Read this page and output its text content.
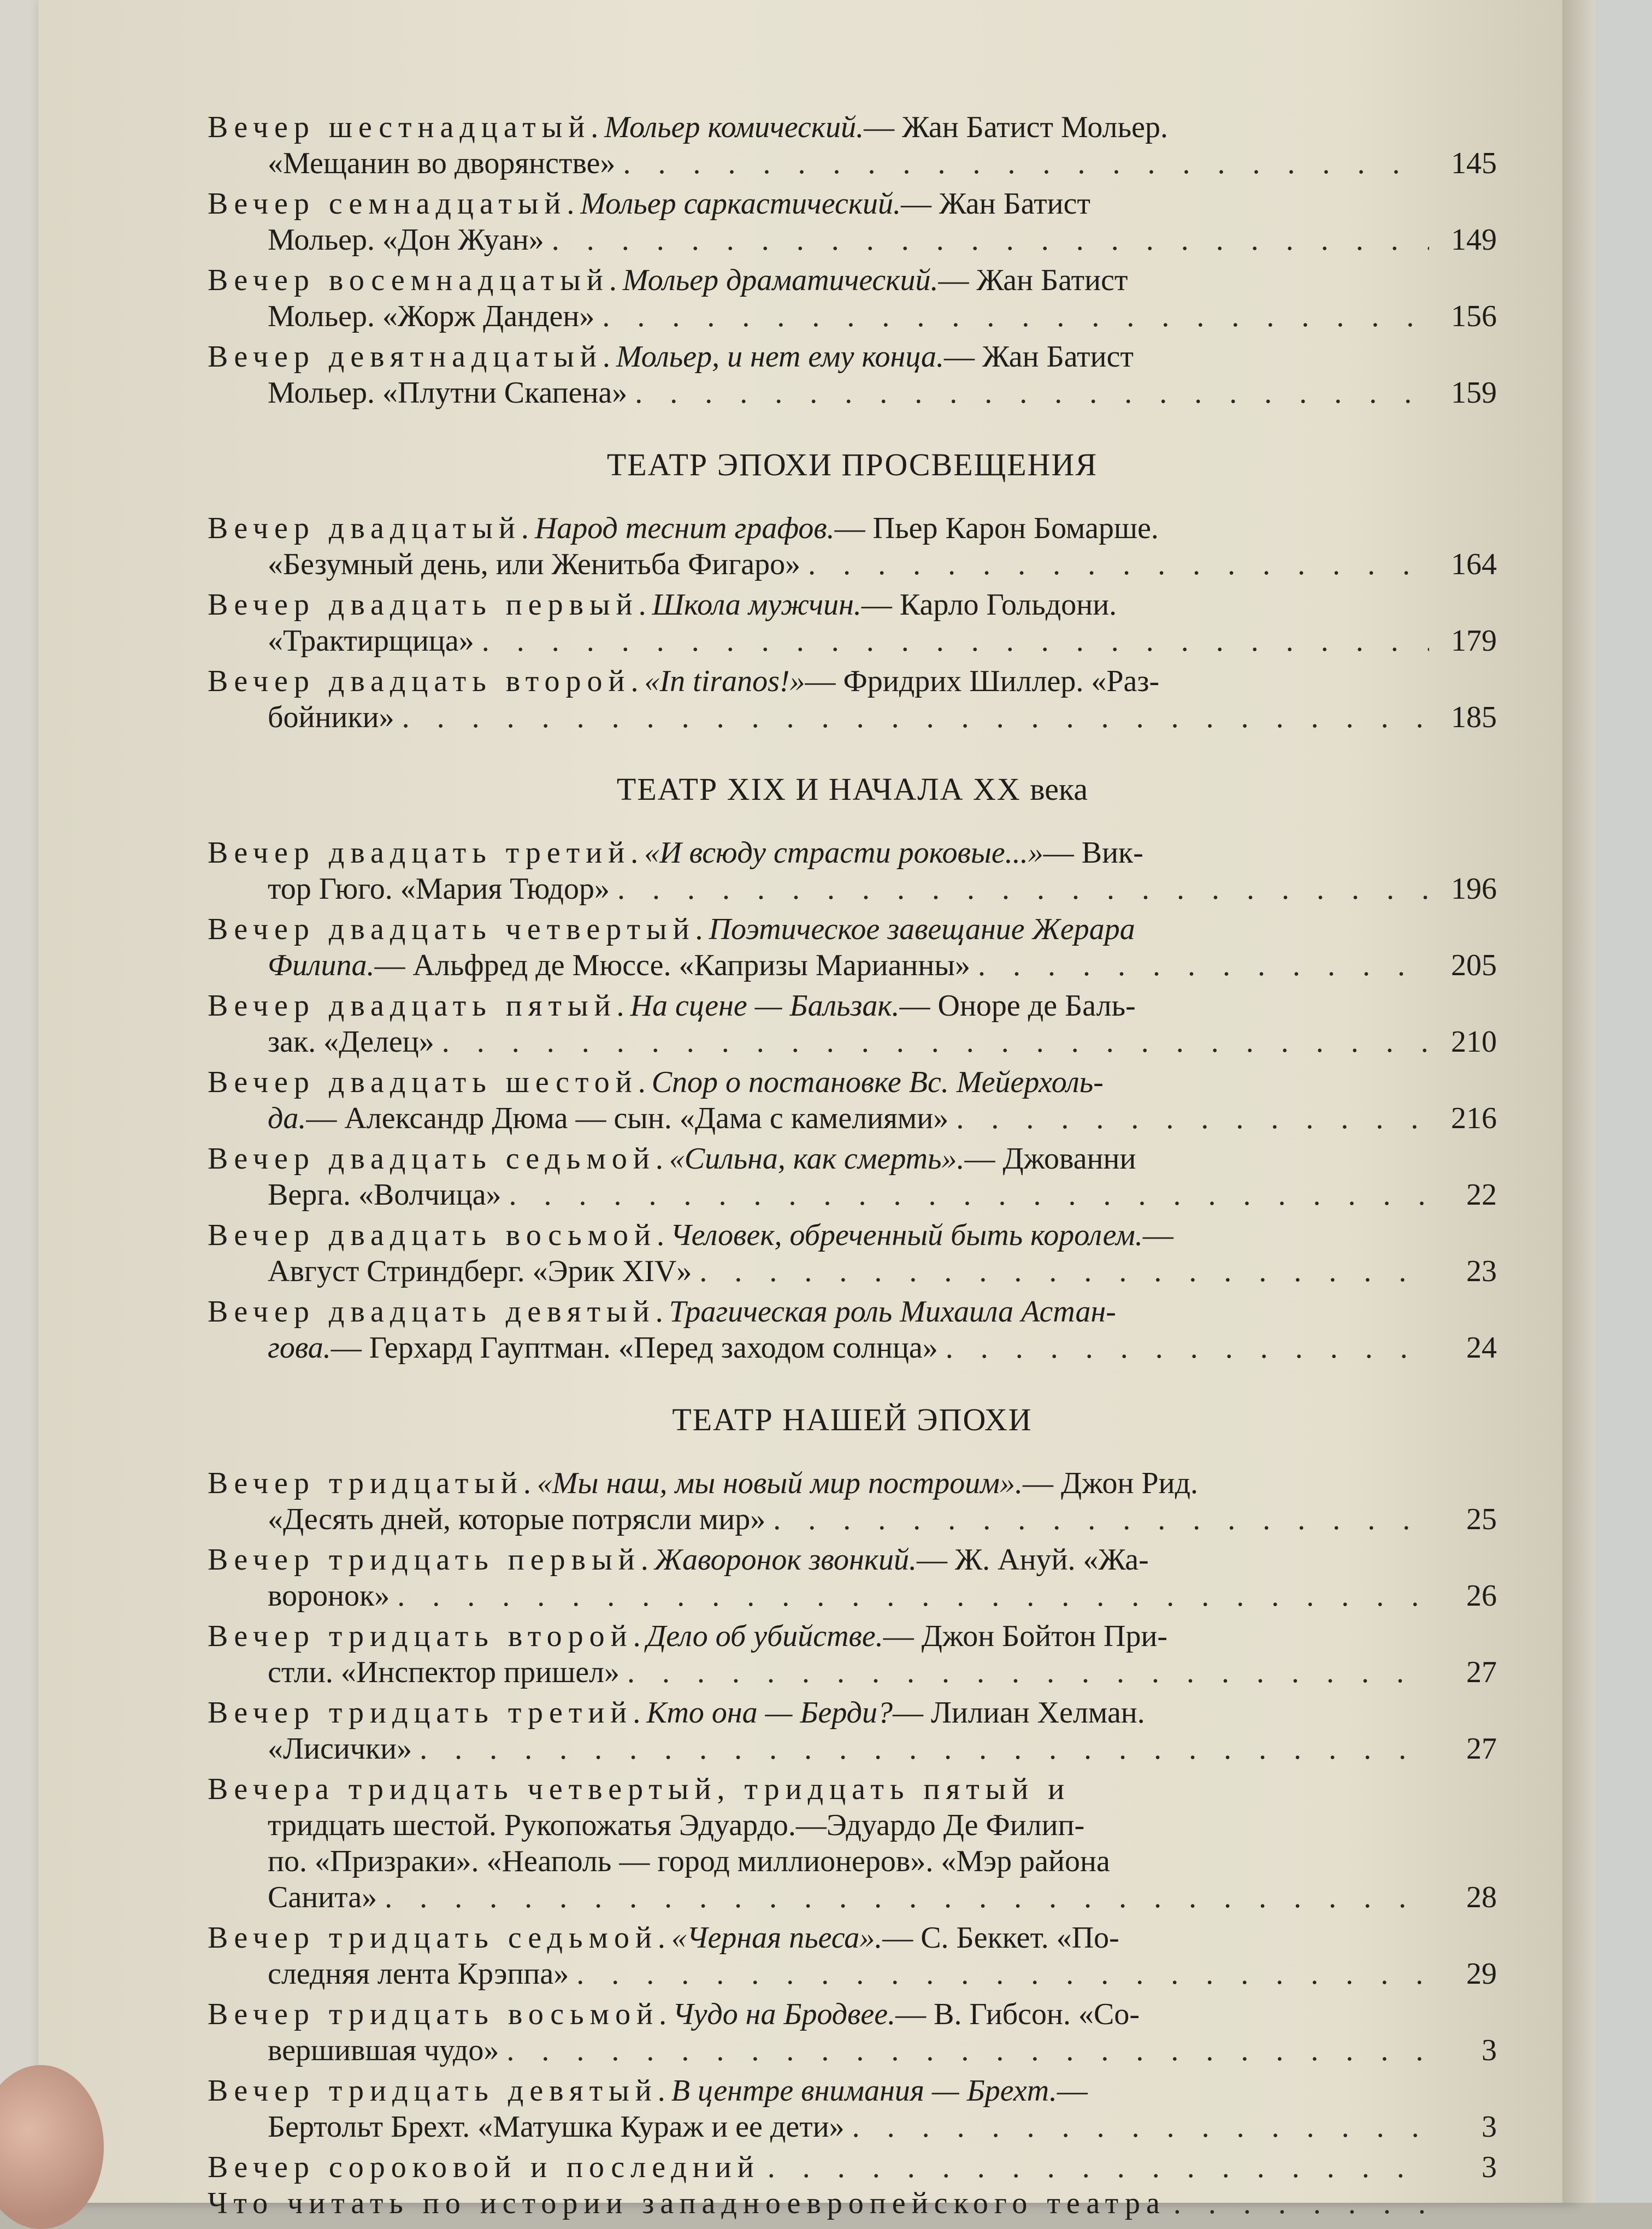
Вечер шестнадцатый. Мольер комический. — Жан Батист Мольер.
«Мещанин во дворянстве» . . .	145
Вечер семнадцатый. Мольер саркастический. — Жан Батист
Мольер. «Дон Жуан» . . .	149
Вечер восемнадцатый. Мольер драматический. — Жан Батист
Мольер. «Жорж Данден» . . .	156
Вечер девятнадцатый. Мольер, и нет ему конца. — Жан Батист
Мольер. «Плутни Скапена» . . .	159
ТЕАТР ЭПОХИ ПРОСВЕЩЕНИЯ
Вечер двадцатый. Народ теснит графов. — Пьер Карон Бомарше.
«Безумный день, или Женитьба Фигаро» . . .	164
Вечер двадцать первый. Школа мужчин. — Карло Гольдони.
«Трактирщица» . . .	179
Вечер двадцать второй. «In tiranos!» — Фридрих Шиллер. «Раз-
бойники» . . .	185
ТЕАТР XIX И НАЧАЛА XX века
Вечер двадцать третий. «И всюду страсти роковые...» — Вик-
тор Гюго. «Мария Тюдор» . . .	196
Вечер двадцать четвертый. Поэтическое завещание Жерара
Филипа. — Альфред де Мюссе. «Капризы Марианны» . . .	205
Вечер двадцать пятый. На сцене — Бальзак. — Оноре де Баль-
зак. «Делец» . . .	210
Вечер двадцать шестой. Спор о постановке Вс. Мейерхоль-
да. — Александр Дюма — сын. «Дама с камелиями» . . .	216
Вечер двадцать седьмой. «Сильна, как смерть». — Джованни
Верга. «Волчица» . . .	22
Вечер двадцать восьмой. Человек, обреченный быть королем. —
Август Стриндберг. «Эрик XIV» . . .	23
Вечер двадцать девятый. Трагическая роль Михаила Астан-
гова. — Герхард Гауптман. «Перед заходом солнца» . . .	24
ТЕАТР НАШЕЙ ЭПОХИ
Вечер тридцатый. «Мы наш, мы новый мир построим». — Джон Рид.
«Десять дней, которые потрясли мир» . . .	25
Вечер тридцать первый. Жаворонок звонкий. — Ж. Ануй. «Жа-
воронок» . . .	26
Вечер тридцать второй. Дело об убийстве. — Джон Бойтон При-
стли. «Инспектор пришел» . . .	27
Вечер тридцать третий. Кто она — Берди? — Лилиан Хелман.
«Лисички» . . .	27
Вечера тридцать четвертый, тридцать пятый и
тридцать шестой. Рукопожатья Эдуардо.—Эдуардо Де Филип-
по. «Призраки». «Неаполь — город миллионеров». «Мэр района
Санита» . . .	28
Вечер тридцать седьмой. «Черная пьеса». — С. Беккет. «По-
следняя лента Крэппа» . . .	29
Вечер тридцать восьмой. Чудо на Бродвее. — В. Гибсон. «Со-
вершившая чудо» . . .	3
Вечер тридцать девятый. В центре внимания — Брехт. —
Бертольт Брехт. «Матушка Кураж и ее дети» . . .	3
Вечер сороковой и последний . . .	3
Что читать по истории западноевропейского театра
. . .
